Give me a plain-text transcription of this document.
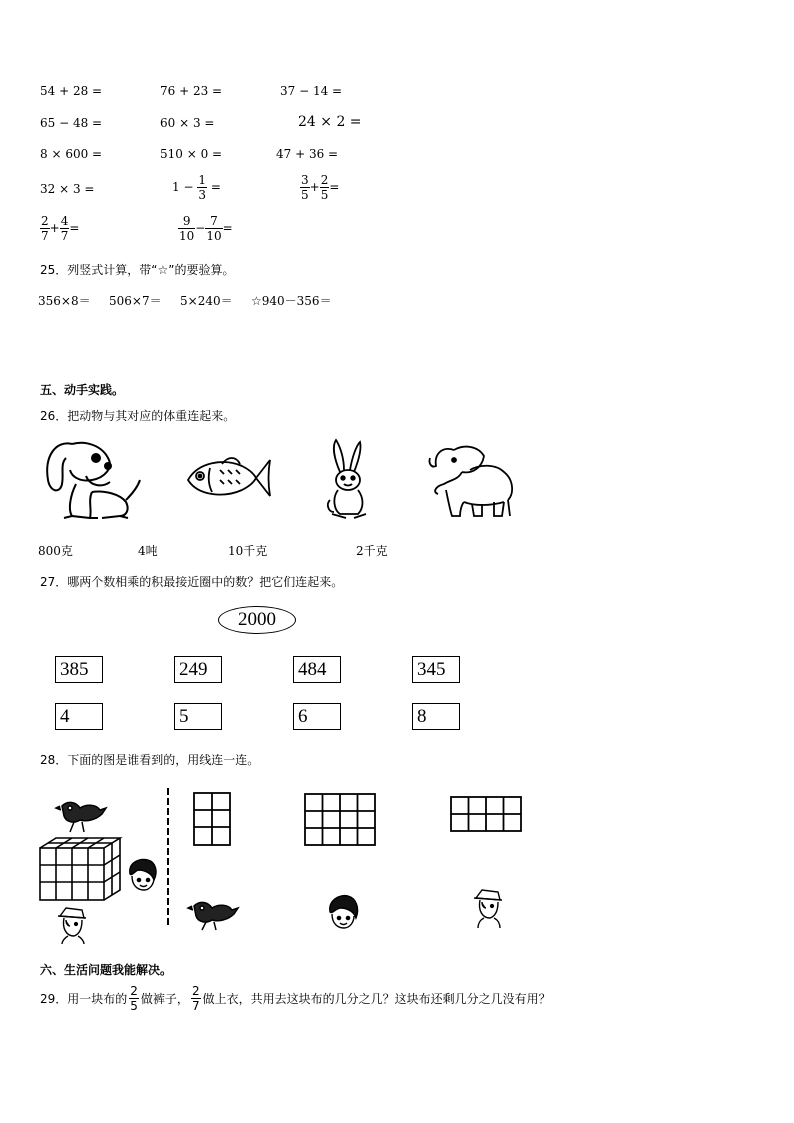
54 + 28 =	76 + 23 =	37 − 14 =
65 − 48 =	60 × 3 =	24 × 2 =
8 × 600 =	510 × 0 =	47 + 36 =
32 × 3 =	$1 - \frac{1}{3}$ =	$\frac{3}{5} + \frac{2}{5}$ =
$\frac{2}{7} + \frac{4}{7}$ =	$\frac{9}{10} - \frac{7}{10}$ =
25．列竖式计算，带“☆”的要验算。
356×8＝ 506×7＝ 5×240＝ ☆940－356＝
五、动手实践。
26．把动物与其对应的体重连起来。
800克	4吨	10千克	2千克
27．哪两个数相乘的积最接近圈中的数？把它们连起来。
2000
385	249	484	345
4	5	6	8
28．下面的图是谁看到的，用线连一连。
六、生活问题我能解决。
29．用一块布的 $\frac{2}{5}$ 做裤子， $\frac{2}{7}$ 做上衣，共用去这块布的几分之几？这块布还剩几分之几没有用？
